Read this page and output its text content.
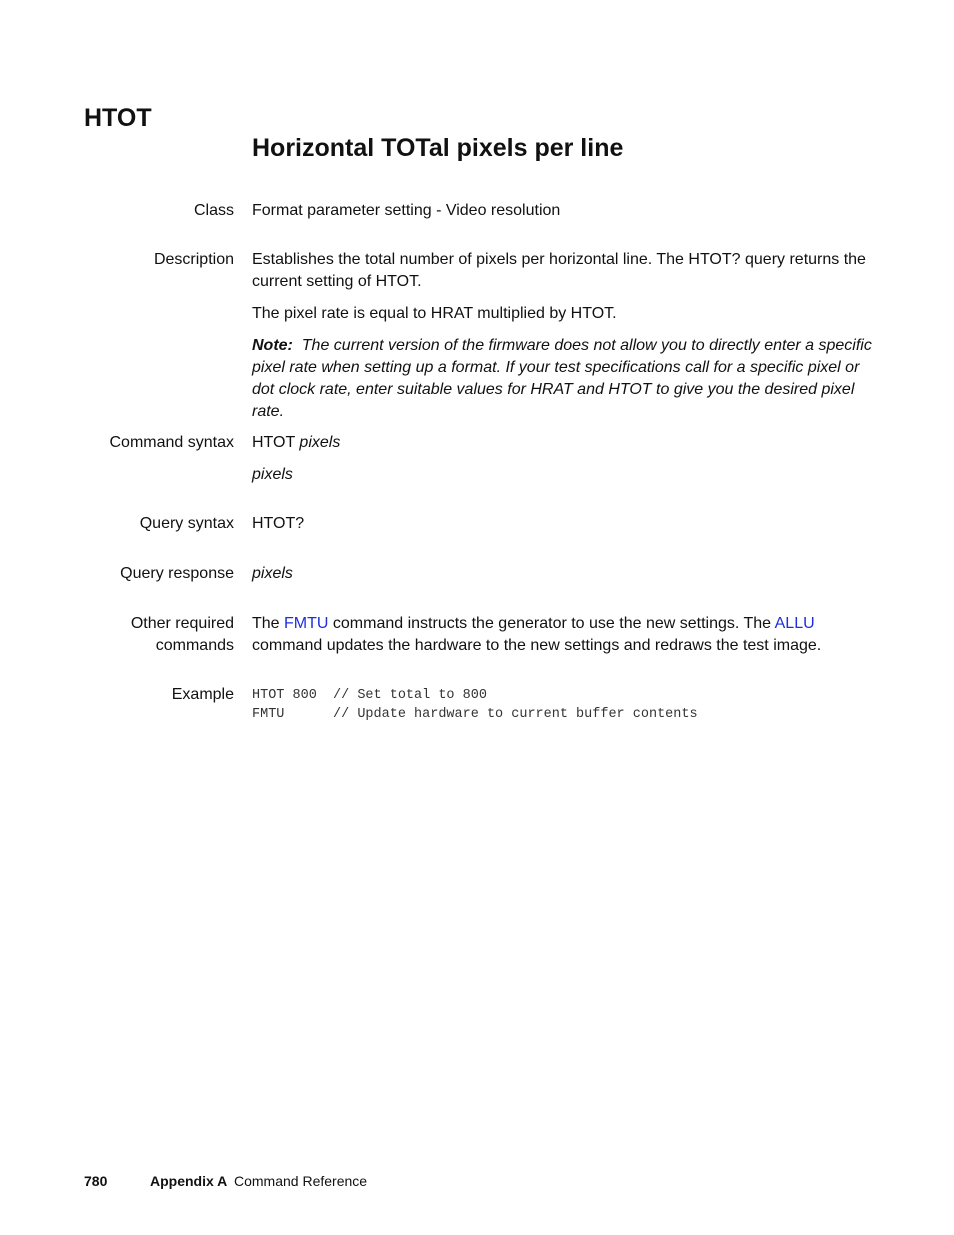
HTOT
Horizontal TOTal pixels per line
Class Format parameter setting - Video resolution
Description Establishes the total number of pixels per horizontal line. The HTOT? query returns the current setting of HTOT.

The pixel rate is equal to HRAT multiplied by HTOT.

Note: The current version of the firmware does not allow you to directly enter a specific pixel rate when setting up a format. If your test specifications call for a specific pixel or dot clock rate, enter suitable values for HRAT and HTOT to give you the desired pixel rate.

Command syntax HTOT pixels

pixels

Query syntax HTOT?
Query response pixels
Other required
commands
The FMTU command instructs the generator to use the new settings. The ALLU command updates the hardware to the new settings and redraws the test image.
Example HTOT 800  // Set total to 800
FMTU      // Update hardware to current buffer contents
780	Appendix A Command Reference
